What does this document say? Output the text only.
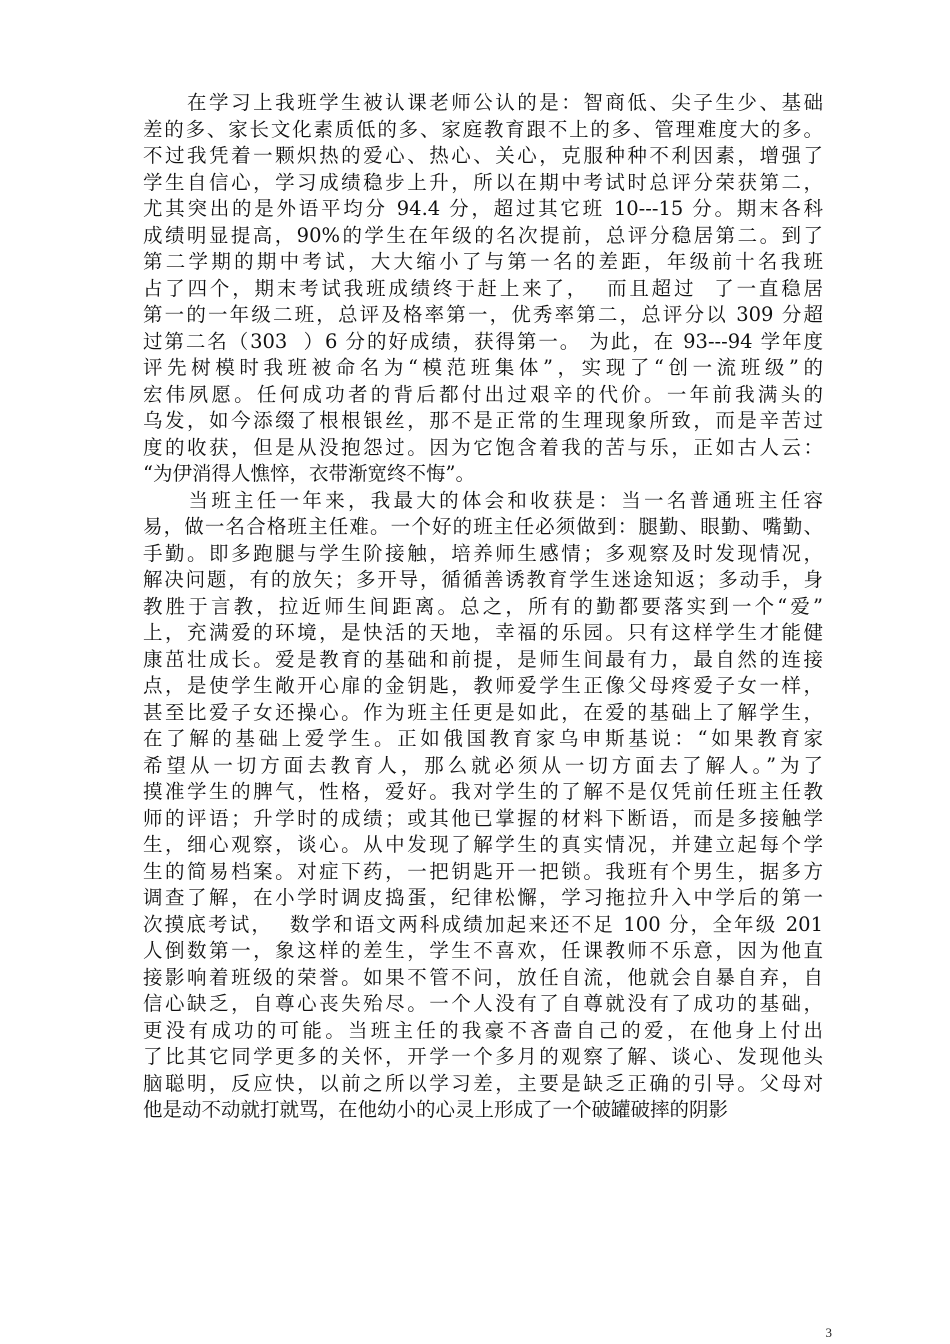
　　在学习上我班学生被认课老师公认的是：智商低、尖子生少、基础
差的多、家长文化素质低的多、家庭教育跟不上的多、管理难度大的多。
不过我凭着一颗炽热的爱心、热心、关心，克服种种不利因素，增强了
学生自信心，学习成绩稳步上升，所以在期中考试时总评分荣获第二，
尤其突出的是外语平均分 94.4 分，超过其它班 10---15 分。期末各科
成绩明显提高，90%的学生在年级的名次提前，总评分稳居第二。到了
第二学期的期中考试，大大缩小了与第一名的差距，年级前十名我班
占了四个，期末考试我班成绩终于赶上来了，  而且超过  了一直稳居
第一的一年级二班，总评及格率第一，优秀率第二，总评分以 309 分超
过第二名（303  ）6 分的好成绩，获得第一。 为此，在 93---94 学年度
评先树模时我班被命名为“模范班集体”，实现了“创一流班级”的
宏伟夙愿。任何成功者的背后都付出过艰辛的代价。一年前我满头的
乌发，如今添缀了根根银丝，那不是正常的生理现象所致，而是辛苦过
度的收获，但是从没抱怨过。因为它饱含着我的苦与乐，正如古人云：
“为伊消得人憔悴，衣带渐宽终不悔”。
　　当班主任一年来，我最大的体会和收获是：当一名普通班主任容
易，做一名合格班主任难。一个好的班主任必须做到：腿勤、眼勤、嘴勤、
手勤。即多跑腿与学生阶接触，培养师生感情；多观察及时发现情况，
解决问题，有的放矢；多开导，循循善诱教育学生迷途知返；多动手，身
教胜于言教，拉近师生间距离。总之，所有的勤都要落实到一个“爱”
上，充满爱的环境，是快活的天地，幸福的乐园。只有这样学生才能健
康茁壮成长。爱是教育的基础和前提，是师生间最有力，最自然的连接
点，是使学生敞开心扉的金钥匙，教师爱学生正像父母疼爱子女一样，
甚至比爱子女还操心。作为班主任更是如此，在爱的基础上了解学生，
在了解的基础上爱学生。正如俄国教育家乌申斯基说：“如果教育家
希望从一切方面去教育人，那么就必须从一切方面去了解人。”为了
摸准学生的脾气，性格，爱好。我对学生的了解不是仅凭前任班主任教
师的评语；升学时的成绩；或其他已掌握的材料下断语，而是多接触学
生，细心观察，谈心。从中发现了解学生的真实情况，并建立起每个学
生的简易档案。对症下药，一把钥匙开一把锁。我班有个男生，据多方
调查了解，在小学时调皮捣蛋，纪律松懈，学习拖拉升入中学后的第一
次摸底考试，  数学和语文两科成绩加起来还不足 100 分，全年级 201
人倒数第一，象这样的差生，学生不喜欢，任课教师不乐意，因为他直
接影响着班级的荣誉。如果不管不问，放任自流，他就会自暴自弃，自
信心缺乏，自尊心丧失殆尽。一个人没有了自尊就没有了成功的基础，
更没有成功的可能。当班主任的我豪不吝啬自己的爱，在他身上付出
了比其它同学更多的关怀，开学一个多月的观察了解、谈心、发现他头
脑聪明，反应快，以前之所以学习差，主要是缺乏正确的引导。父母对
他是动不动就打就骂，在他幼小的心灵上形成了一个破罐破摔的阴影
3
